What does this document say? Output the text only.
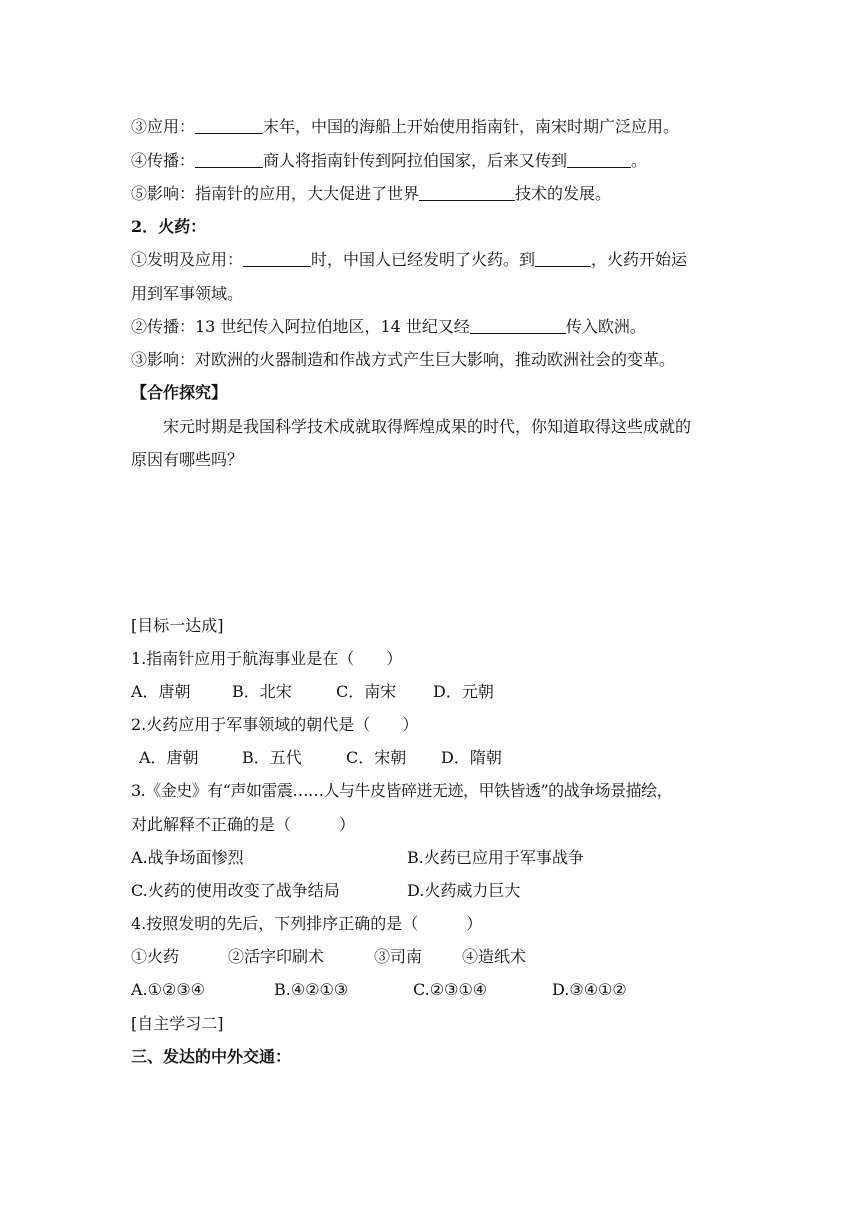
③应用：	末年，中国的海船上开始使用指南针，南宋时期广泛应用。
④传播：	商人将指南针传到阿拉伯国家，后来又传到	。
⑤影响：指南针的应用，大大促进了世界	技术的发展。
2．火药：
①发明及应用：	时，中国人已经发明了火药。到	，火药开始运
用到军事领域。
②传播：13 世纪传入阿拉伯地区，14 世纪又经	传入欧洲。
③影响：对欧洲的火器制造和作战方式产生巨大影响，推动欧洲社会的变革。
【合作探究】
宋元时期是我国科学技术成就取得辉煌成果的时代，你知道取得这些成就的
原因有哪些吗？
[目标一达成]
1.指南针应用于航海事业是在（　　）
A．唐朝	B．北宋	C．南宋 D．元朝
2.火药应用于军事领域的朝代是（　　）
A．唐朝	B．五代	C．宋朝 D．隋朝
3.《金史》有“声如雷震……人与牛皮皆碎迸无迹，甲铁皆透”的战争场景描绘，
对此解释不正确的是（　　　）
A.战争场面惨烈	B.火药已应用于军事战争
C.火药的使用改变了战争结局	D.火药威力巨大
4.按照发明的先后，下列排序正确的是（　　　）
①火药	②活字印刷术	③司南 ④造纸术
A.①②③④	B.④②①③	C.②③①④	D.③④①②
[自主学习二]
三、发达的中外交通：
